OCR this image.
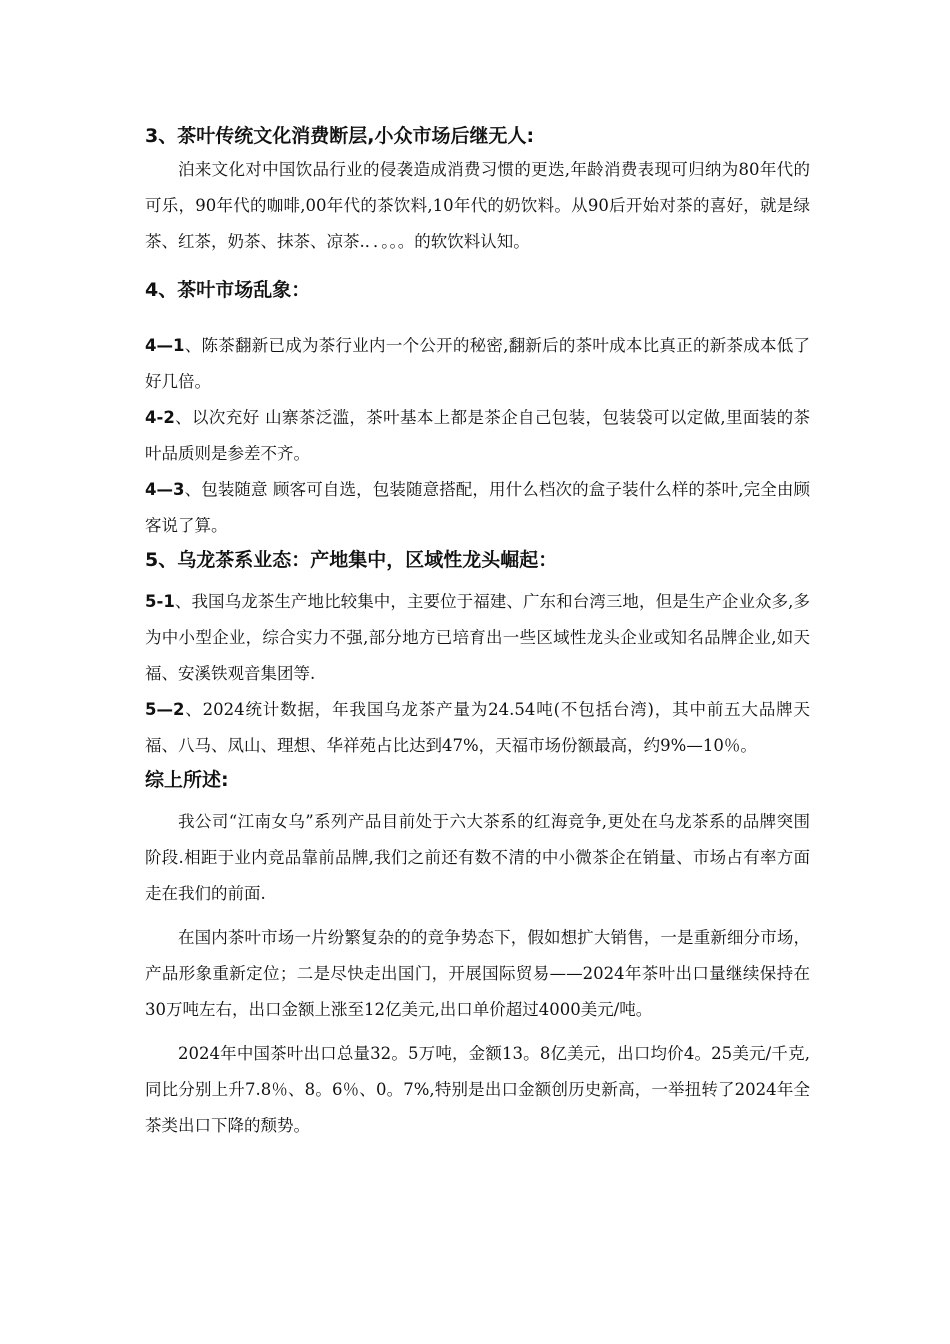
3、茶叶传统文化消费断层,小众市场后继无人:

泊来文化对中国饮品行业的侵袭造成消费习惯的更迭,年龄消费表现可归纳为80年代的可乐，90年代的咖啡,00年代的茶饮料,10年代的奶饮料。从90后开始对茶的喜好，就是绿茶、红茶，奶茶、抹茶、凉茶.．．。。。的软饮料认知。

4、茶叶市场乱象：

4—1、陈茶翻新已成为茶行业内一个公开的秘密,翻新后的茶叶成本比真正的新茶成本低了好几倍。

4-2、以次充好 山寨茶泛滥，茶叶基本上都是茶企自己包装，包装袋可以定做,里面装的茶叶品质则是参差不齐。

4—3、包装随意 顾客可自选，包装随意搭配，用什么档次的盒子装什么样的茶叶,完全由顾客说了算。

5、乌龙茶系业态：产地集中，区域性龙头崛起：

5-1、我国乌龙茶生产地比较集中，主要位于福建、广东和台湾三地，但是生产企业众多,多为中小型企业，综合实力不强,部分地方已培育出一些区域性龙头企业或知名品牌企业,如天福、安溪铁观音集团等.

5—2、2024统计数据，年我国乌龙茶产量为24.54吨(不包括台湾)，其中前五大品牌天福、八马、凤山、理想、华祥苑占比达到47%，天福市场份额最高，约9%—10％。

综上所述:

我公司“江南女乌”系列产品目前处于六大茶系的红海竞争,更处在乌龙茶系的品牌突围阶段.相距于业内竞品靠前品牌,我们之前还有数不清的中小微茶企在销量、市场占有率方面走在我们的前面.

在国内茶叶市场一片纷繁复杂的的竞争势态下，假如想扩大销售，一是重新细分市场，产品形象重新定位；二是尽快走出国门，开展国际贸易——2024年茶叶出口量继续保持在30万吨左右，出口金额上涨至12亿美元,出口单价超过4000美元/吨。

2024年中国茶叶出口总量32。5万吨，金额13。8亿美元，出口均价4。25美元/千克,同比分别上升7.8％、8。6％、0。7%,特别是出口金额创历史新高，一举扭转了2024年全茶类出口下降的颓势。
